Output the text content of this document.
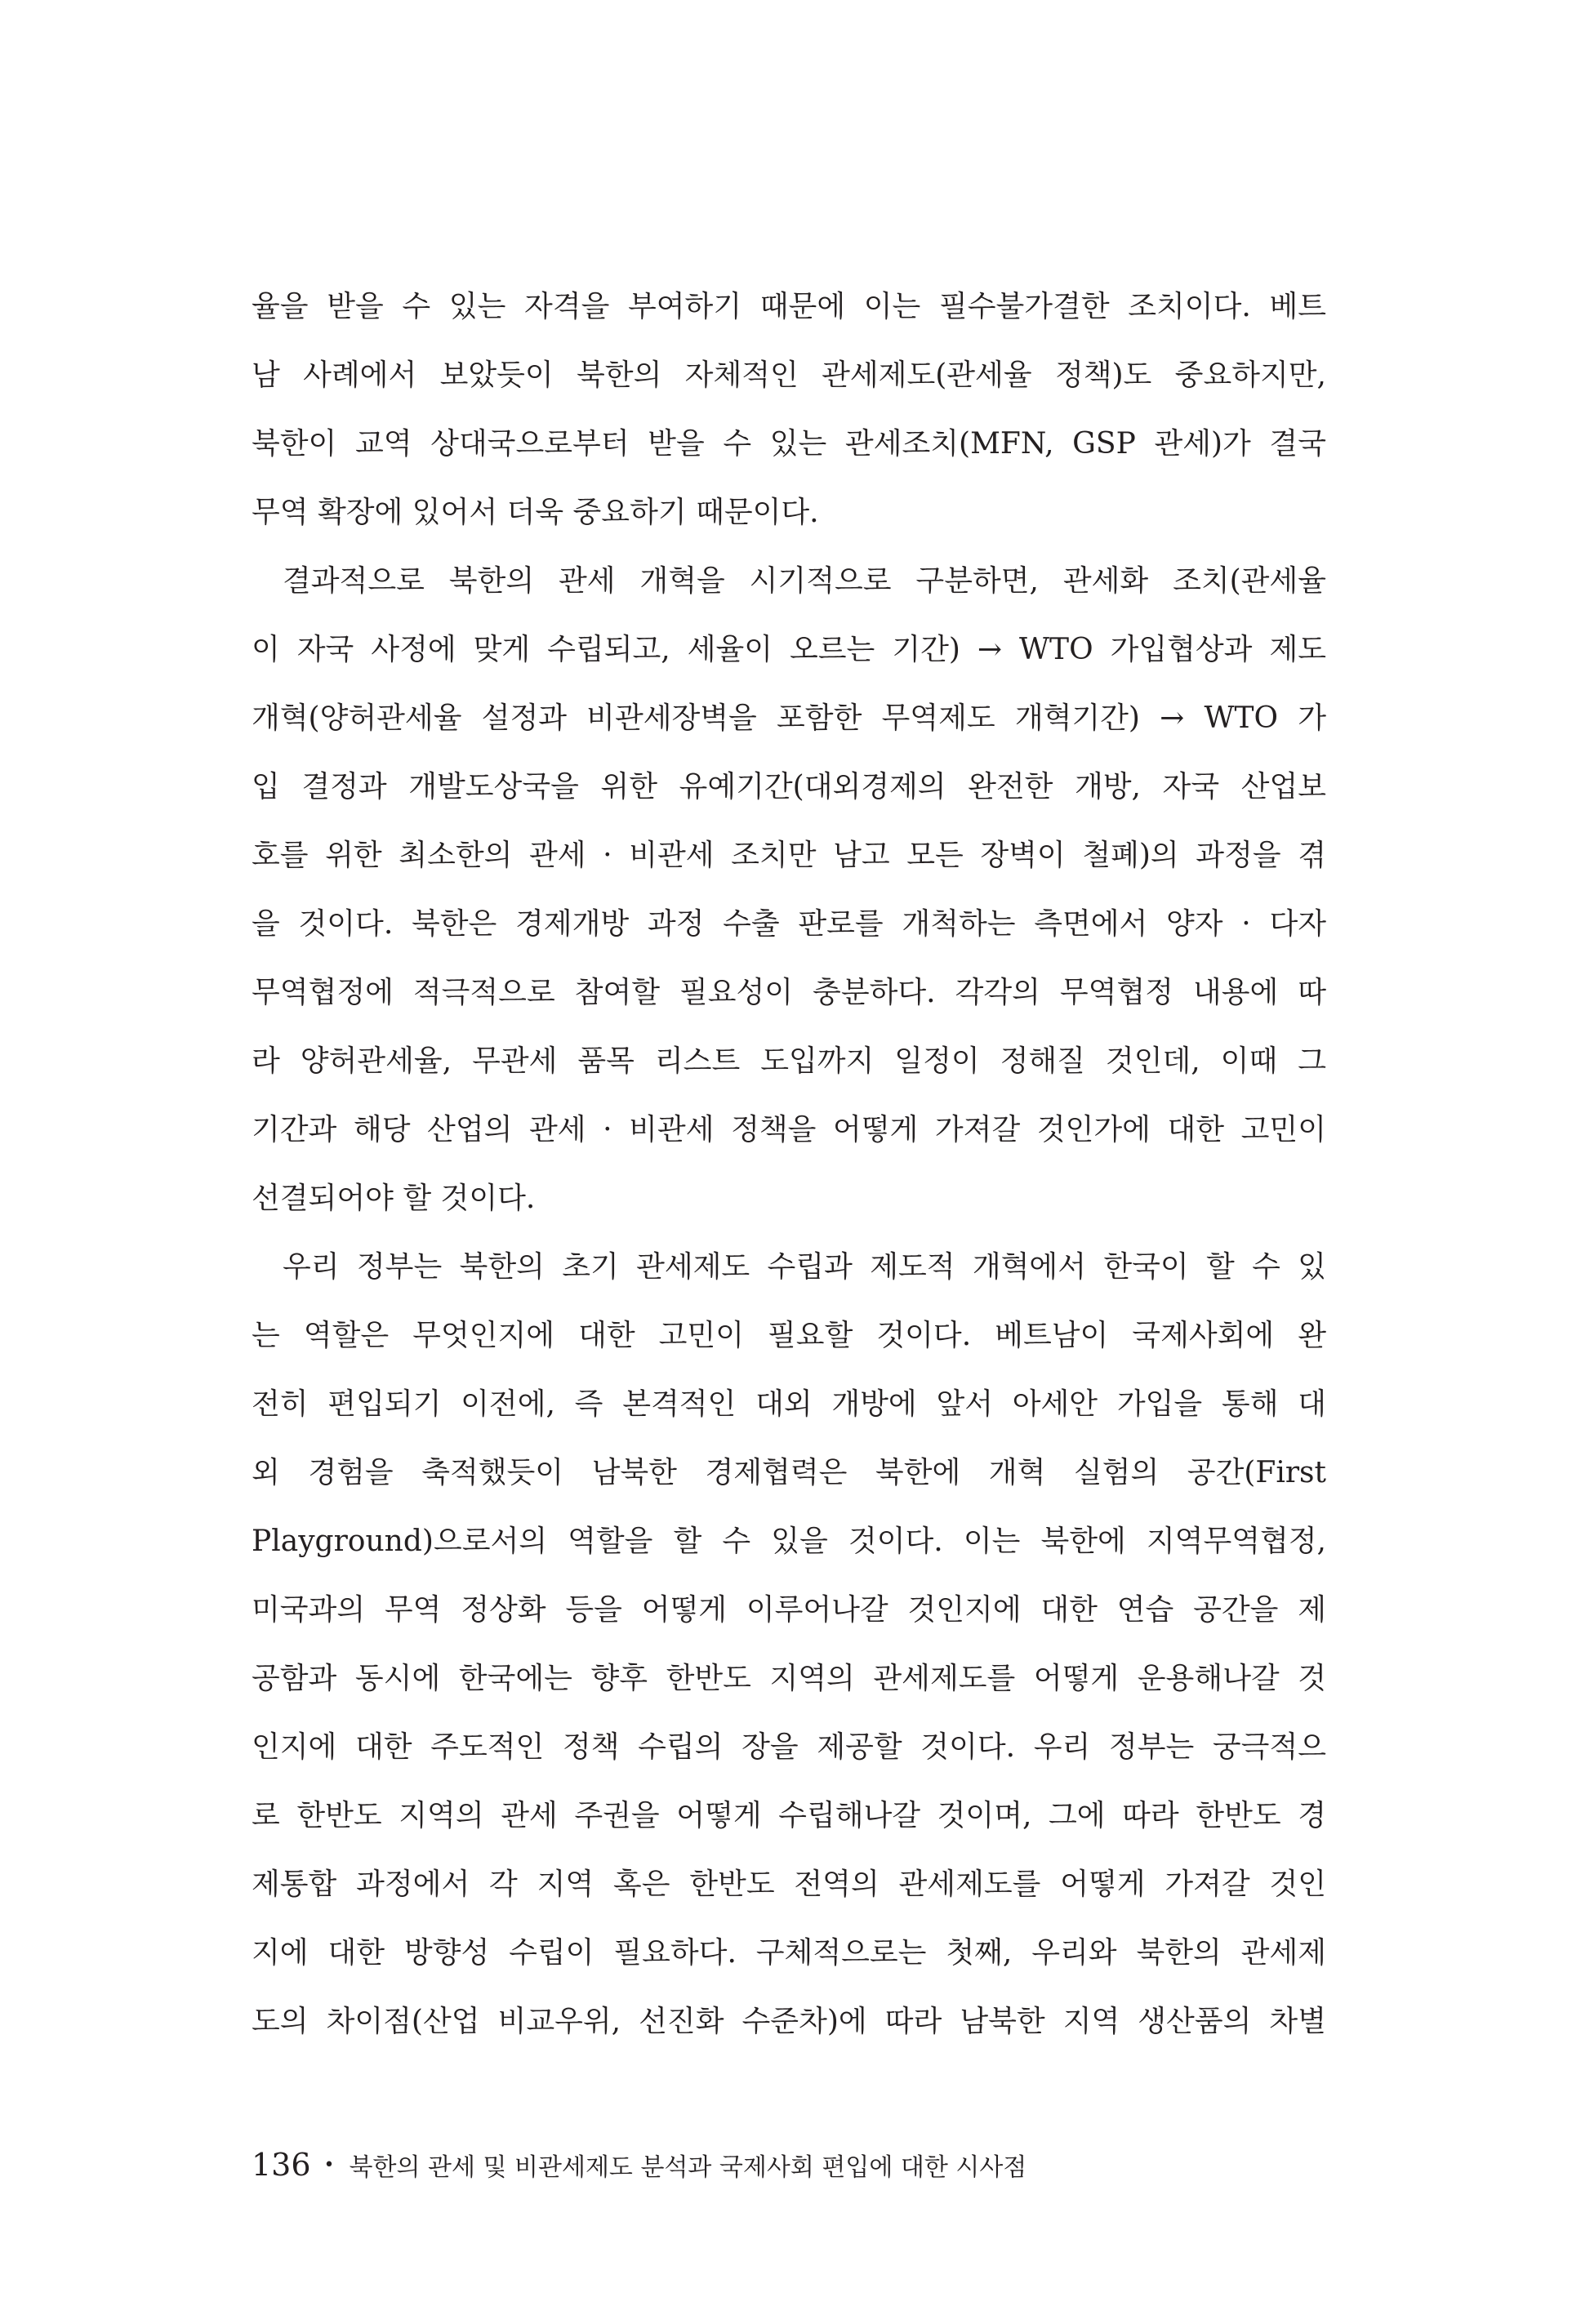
율을 받을 수 있는 자격을 부여하기 때문에 이는 필수불가결한 조치이다. 베트
남 사례에서 보았듯이 북한의 자체적인 관세제도(관세율 정책)도 중요하지만,
북한이 교역 상대국으로부터 받을 수 있는 관세조치(MFN, GSP 관세)가 결국
무역 확장에 있어서 더욱 중요하기 때문이다.
결과적으로 북한의 관세 개혁을 시기적으로 구분하면, 관세화 조치(관세율
이 자국 사정에 맞게 수립되고, 세율이 오르는 기간) → WTO 가입협상과 제도
개혁(양허관세율 설정과 비관세장벽을 포함한 무역제도 개혁기간) → WTO 가
입 결정과 개발도상국을 위한 유예기간(대외경제의 완전한 개방, 자국 산업보
호를 위한 최소한의 관세 · 비관세 조치만 남고 모든 장벽이 철폐)의 과정을 겪
을 것이다. 북한은 경제개방 과정 수출 판로를 개척하는 측면에서 양자 · 다자
무역협정에 적극적으로 참여할 필요성이 충분하다. 각각의 무역협정 내용에 따
라 양허관세율, 무관세 품목 리스트 도입까지 일정이 정해질 것인데, 이때 그
기간과 해당 산업의 관세 · 비관세 정책을 어떻게 가져갈 것인가에 대한 고민이
선결되어야 할 것이다.
우리 정부는 북한의 초기 관세제도 수립과 제도적 개혁에서 한국이 할 수 있
는 역할은 무엇인지에 대한 고민이 필요할 것이다. 베트남이 국제사회에 완
전히 편입되기 이전에, 즉 본격적인 대외 개방에 앞서 아세안 가입을 통해 대
외 경험을 축적했듯이 남북한 경제협력은 북한에 개혁 실험의 공간(First
Playground)으로서의 역할을 할 수 있을 것이다. 이는 북한에 지역무역협정,
미국과의 무역 정상화 등을 어떻게 이루어나갈 것인지에 대한 연습 공간을 제
공함과 동시에 한국에는 향후 한반도 지역의 관세제도를 어떻게 운용해나갈 것
인지에 대한 주도적인 정책 수립의 장을 제공할 것이다. 우리 정부는 궁극적으
로 한반도 지역의 관세 주권을 어떻게 수립해나갈 것이며, 그에 따라 한반도 경
제통합 과정에서 각 지역 혹은 한반도 전역의 관세제도를 어떻게 가져갈 것인
지에 대한 방향성 수립이 필요하다. 구체적으로는 첫째, 우리와 북한의 관세제
도의 차이점(산업 비교우위, 선진화 수준차)에 따라 남북한 지역 생산품의 차별
136 • 북한의 관세 및 비관세제도 분석과 국제사회 편입에 대한 시사점
